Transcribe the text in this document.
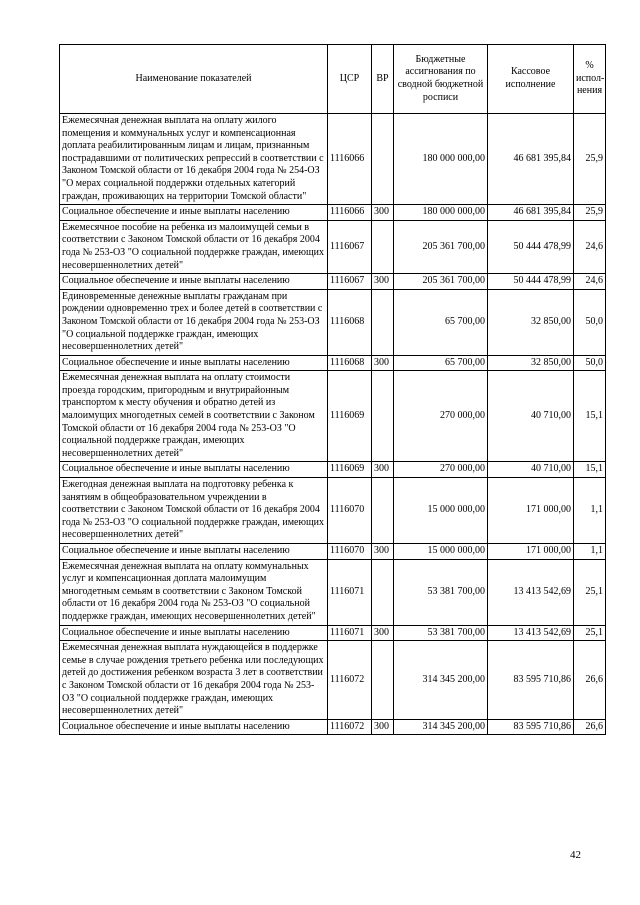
Наименование показателей	ЦСР	ВР	Бюджетные ассигнования по сводной бюджетной росписи	Кассовое исполнение	% испол-нения
Ежемесячная денежная выплата на оплату жилого помещения и коммунальных услуг и компенсационная доплата реабилитированным лицам и лицам, признанным пострадавшими от политических репрессий в соответствии с Законом Томской области от 16 декабря 2004 года № 254-ОЗ "О мерах социальной поддержки отдельных категорий граждан, проживающих на территории Томской области"	1116066		180 000 000,00	46 681 395,84	25,9
Социальное обеспечение и иные выплаты населению	1116066	300	180 000 000,00	46 681 395,84	25,9
Ежемесячное пособие на ребенка из малоимущей семьи в соответствии с Законом Томской области от 16 декабря 2004 года № 253-ОЗ "О социальной поддержке граждан, имеющих несовершеннолетних детей"	1116067		205 361 700,00	50 444 478,99	24,6
Социальное обеспечение и иные выплаты населению	1116067	300	205 361 700,00	50 444 478,99	24,6
Единовременные денежные выплаты гражданам при рождении одновременно трех и более детей в соответствии с Законом Томской области от 16 декабря 2004 года № 253-ОЗ "О социальной поддержке граждан, имеющих несовершеннолетних детей"	1116068		65 700,00	32 850,00	50,0
Социальное обеспечение и иные выплаты населению	1116068	300	65 700,00	32 850,00	50,0
Ежемесячная денежная выплата на оплату стоимости проезда городским, пригородным и внутрирайонным транспортом к месту обучения и обратно детей из малоимущих многодетных семей в соответствии с Законом Томской области от 16 декабря 2004 года № 253-ОЗ "О социальной поддержке граждан, имеющих несовершеннолетних детей"	1116069		270 000,00	40 710,00	15,1
Социальное обеспечение и иные выплаты населению	1116069	300	270 000,00	40 710,00	15,1
Ежегодная денежная выплата на подготовку ребенка к занятиям в общеобразовательном учреждении в соответствии с Законом Томской области от 16 декабря 2004 года № 253-ОЗ "О социальной поддержке граждан, имеющих несовершеннолетних детей"	1116070		15 000 000,00	171 000,00	1,1
Социальное обеспечение и иные выплаты населению	1116070	300	15 000 000,00	171 000,00	1,1
Ежемесячная денежная выплата на оплату коммунальных услуг и компенсационная доплата малоимущим многодетным семьям в соответствии с Законом Томской области от 16 декабря 2004 года № 253-ОЗ "О социальной поддержке граждан, имеющих несовершеннолетних детей"	1116071		53 381 700,00	13 413 542,69	25,1
Социальное обеспечение и иные выплаты населению	1116071	300	53 381 700,00	13 413 542,69	25,1
Ежемесячная денежная выплата нуждающейся в поддержке семье в случае рождения третьего ребенка или последующих детей до достижения ребенком возраста 3 лет в соответствии с Законом Томской области от 16 декабря 2004 года № 253-ОЗ "О социальной поддержке граждан, имеющих несовершеннолетних детей"	1116072		314 345 200,00	83 595 710,86	26,6
Социальное обеспечение и иные выплаты населению	1116072	300	314 345 200,00	83 595 710,86	26,6
42
